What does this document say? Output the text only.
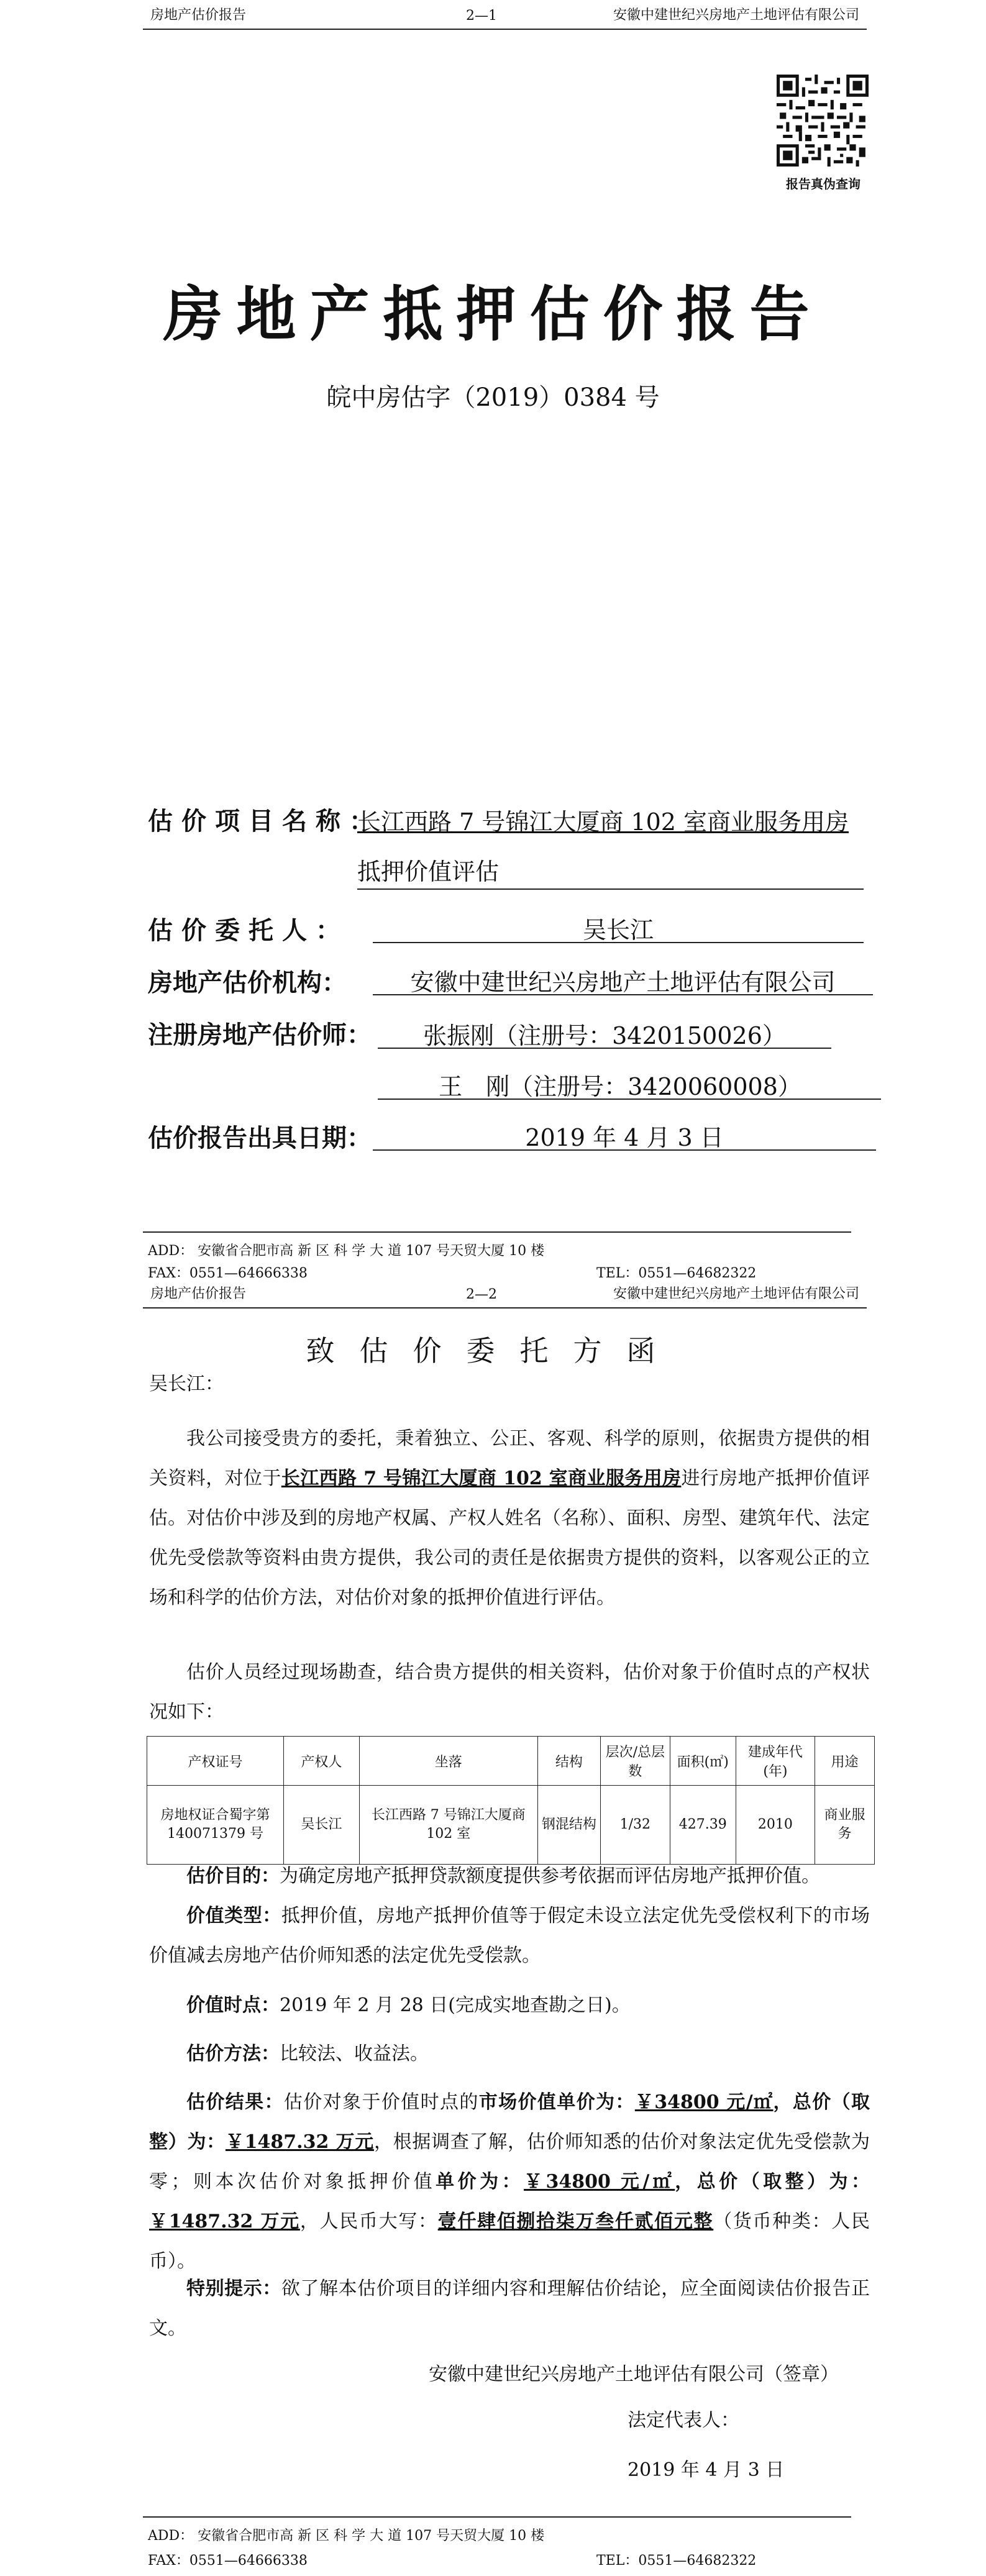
房地产估价报告	2—1	安徽中建世纪兴房地产土地评估有限公司
报告真伪查询
房地产抵押估价报告
皖中房估字（2019）0384 号
估价项目名称：
长江西路 7 号锦江大厦商 102 室商业服务用房
抵押价值评估
估价委托人：	吴长江
房地产估价机构：	安徽中建世纪兴房地产土地评估有限公司
注册房地产估价师：	张振刚（注册号：3420150026）
王　刚（注册号：3420060008）
估价报告出具日期：	2019 年 4 月 3 日
ADD： 安徽省合肥市高 新 区 科 学 大 道 107 号天贸大厦 10 楼
FAX：0551—64666338	TEL：0551—64682322
房地产估价报告	2—2	安徽中建世纪兴房地产土地评估有限公司
致估价委托方函
吴长江：
我公司接受贵方的委托，秉着独立、公正、客观、科学的原则，依据贵方提供的相关资料，对位于长江西路 7 号锦江大厦商 102 室商业服务用房进行房地产抵押价值评估。对估价中涉及到的房地产权属、产权人姓名（名称）、面积、房型、建筑年代、法定优先受偿款等资料由贵方提供，我公司的责任是依据贵方提供的资料，以客观公正的立场和科学的估价方法，对估价对象的抵押价值进行评估。
估价人员经过现场勘查，结合贵方提供的相关资料，估价对象于价值时点的产权状况如下：
产权证号	产权人	坐落	结构	层次/总层数	面积(㎡)	建成年代(年)	用途
房地权证合蜀字第 140071379 号	吴长江	长江西路 7 号锦江大厦商 102 室	钢混结构	1/32	427.39	2010	商业服务
估价目的：为确定房地产抵押贷款额度提供参考依据而评估房地产抵押价值。
价值类型：抵押价值，房地产抵押价值等于假定未设立法定优先受偿权利下的市场价值减去房地产估价师知悉的法定优先受偿款。
价值时点：2019 年 2 月 28 日(完成实地查勘之日)。
估价方法：比较法、收益法。
估价结果：估价对象于价值时点的市场价值单价为：￥34800 元/㎡，总价（取整）为：￥1487.32 万元，根据调查了解，估价师知悉的估价对象法定优先受偿款为零；则本次估价对象抵押价值单价为：￥34800 元/㎡，总价（取整）为：￥1487.32 万元，人民币大写：壹仟肆佰捌拾柒万叁仟贰佰元整（货币种类：人民币）。
特别提示：欲了解本估价项目的详细内容和理解估价结论，应全面阅读估价报告正文。
安徽中建世纪兴房地产土地评估有限公司（签章）
法定代表人：
2019 年 4 月 3 日
ADD： 安徽省合肥市高 新 区 科 学 大 道 107 号天贸大厦 10 楼
FAX：0551—64666338	TEL：0551—64682322
